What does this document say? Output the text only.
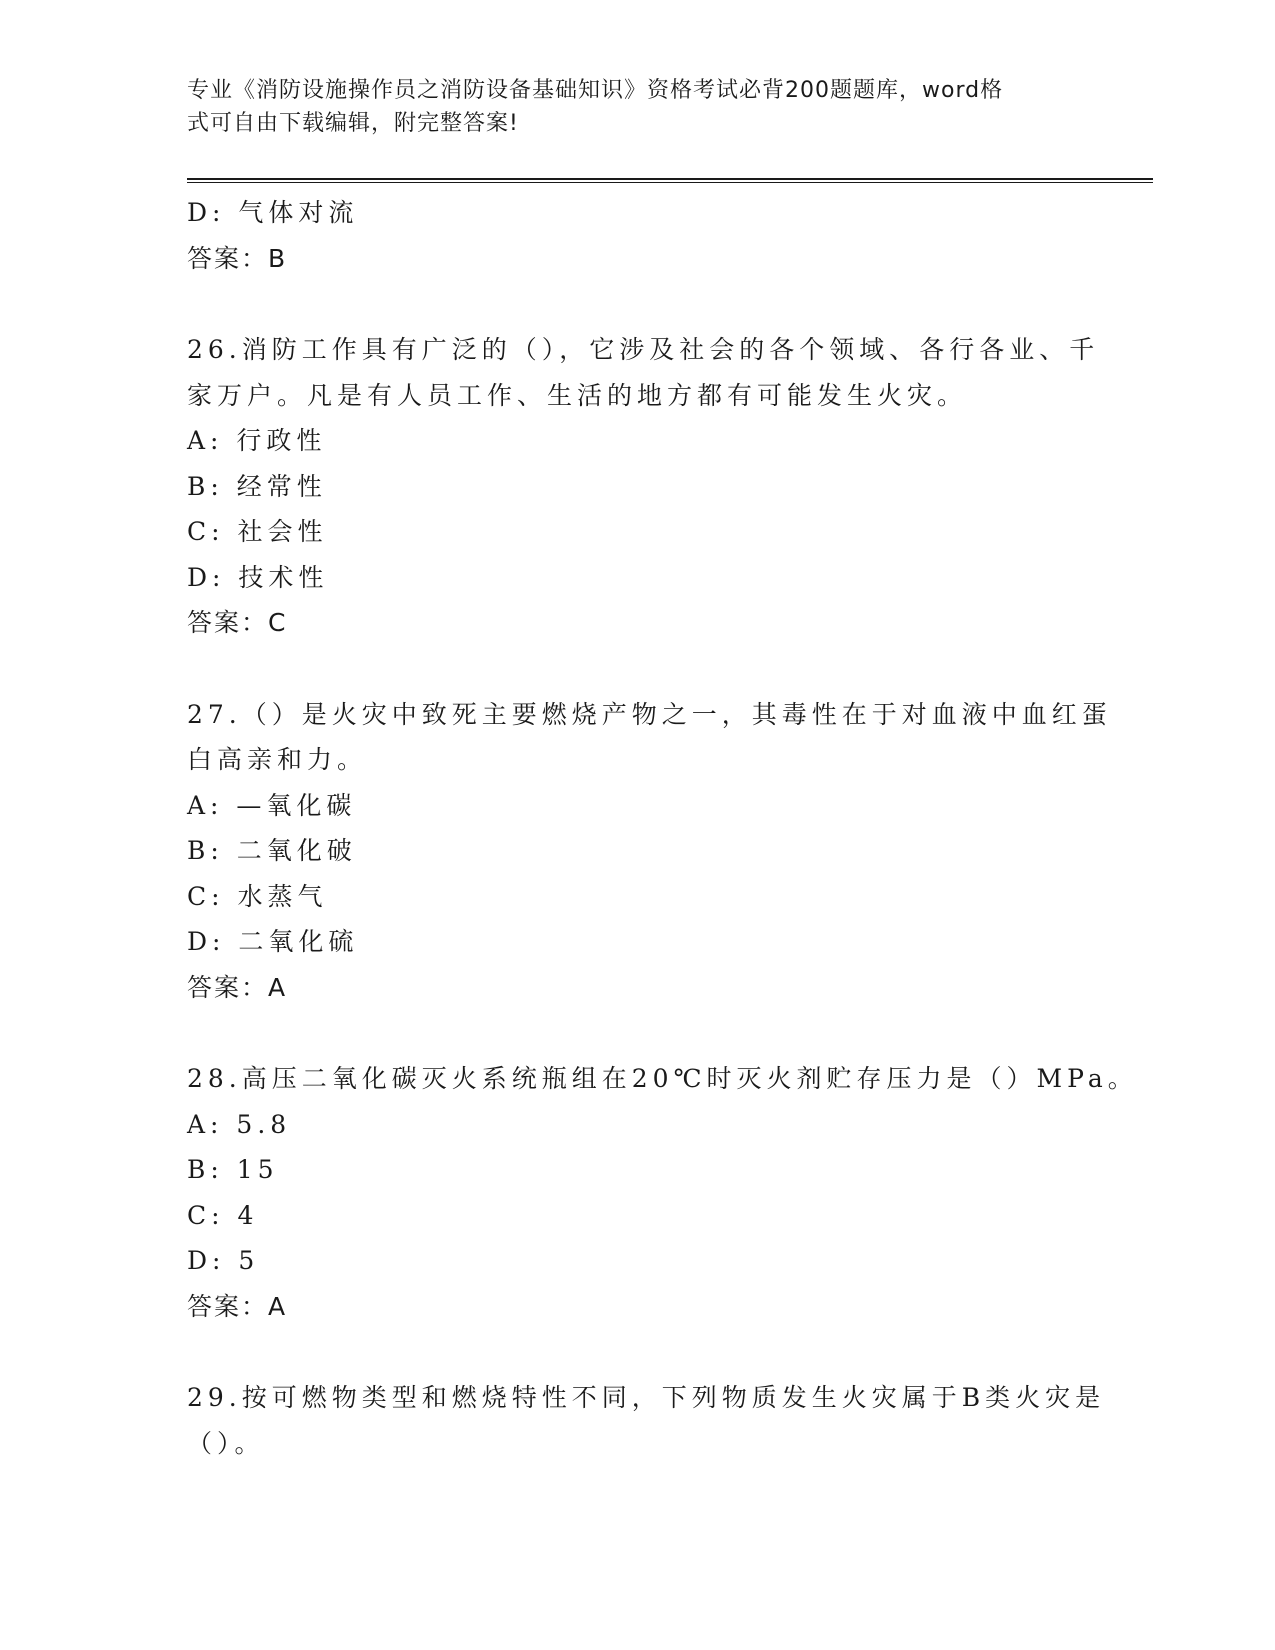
专业《消防设施操作员之消防设备基础知识》资格考试必背200题题库，word格
式可自由下载编辑，附完整答案!
D: 气体对流
答案：B
26.消防工作具有广泛的（），它涉及社会的各个领域、各行各业、千
家万户。凡是有人员工作、生活的地方都有可能发生火灾。
A: 行政性
B: 经常性
C: 社会性
D: 技术性
答案：C
27.（）是火灾中致死主要燃烧产物之一，其毒性在于对血液中血红蛋
白高亲和力。
A: —氧化碳
B: 二氧化破
C: 水蒸气
D: 二氧化硫
答案：A
28.高压二氧化碳灭火系统瓶组在20℃时灭火剂贮存压力是（）MPa。
A: 5.8
B: 15
C: 4
D: 5
答案：A
29.按可燃物类型和燃烧特性不同，下列物质发生火灾属于B类火灾是
（）。
